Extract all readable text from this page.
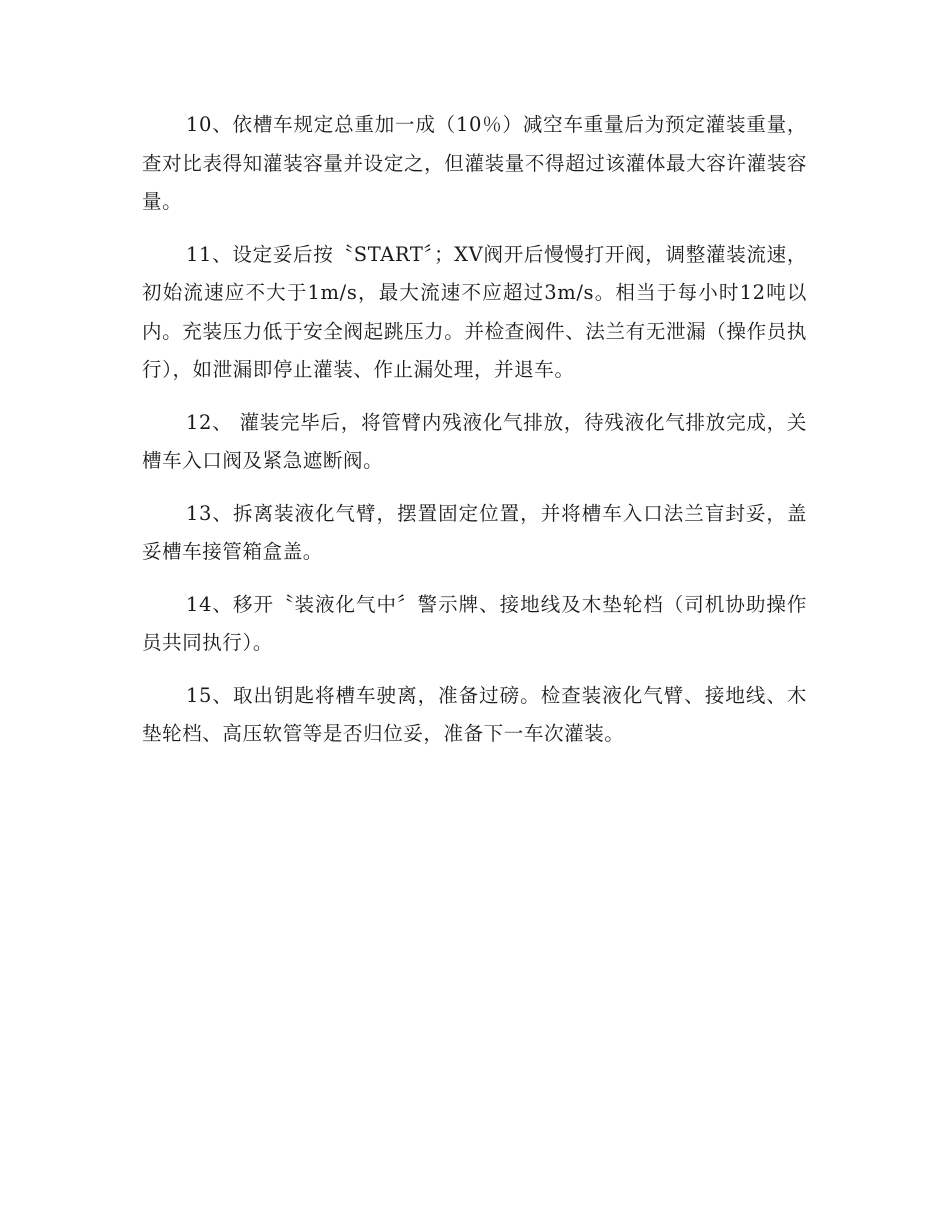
10、依槽车规定总重加一成（10％）减空车重量后为预定灌装重量，查对比表得知灌装容量并设定之，但灌装量不得超过该灌体最大容许灌装容量。

11、设定妥后按〝START〞；XV阀开后慢慢打开阀，调整灌装流速，初始流速应不大于1m/s，最大流速不应超过3m/s。相当于每小时12吨以内。充装压力低于安全阀起跳压力。并检查阀件、法兰有无泄漏（操作员执行），如泄漏即停止灌装、作止漏处理，并退车。

12、 灌装完毕后，将管臂内残液化气排放，待残液化气排放完成，关槽车入口阀及紧急遮断阀。

13、拆离装液化气臂，摆置固定位置，并将槽车入口法兰盲封妥，盖妥槽车接管箱盒盖。

14、移开〝装液化气中〞警示牌、接地线及木垫轮档（司机协助操作员共同执行）。

15、取出钥匙将槽车驶离，准备过磅。检查装液化气臂、接地线、木垫轮档、高压软管等是否归位妥，准备下一车次灌装。
